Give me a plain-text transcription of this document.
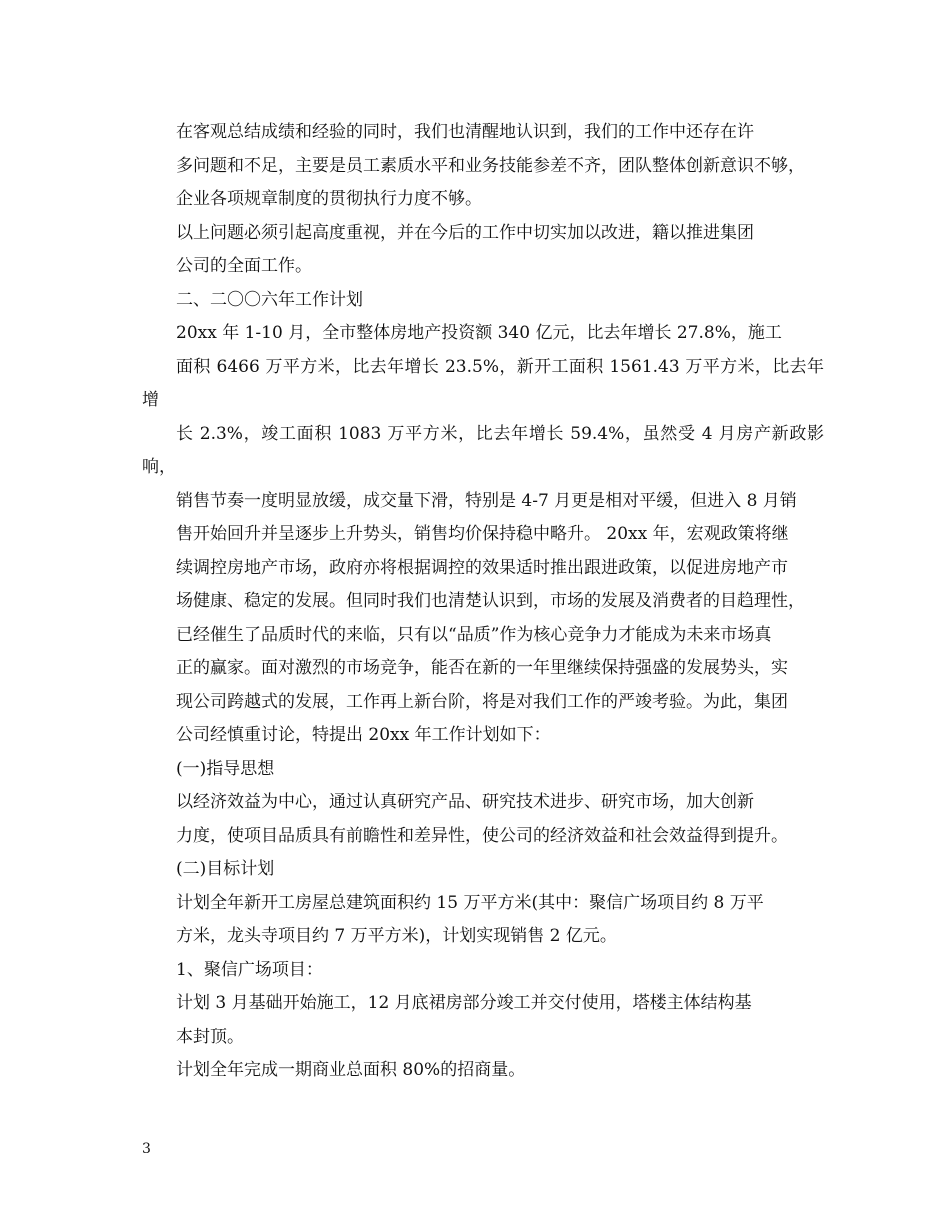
在客观总结成绩和经验的同时，我们也清醒地认识到，我们的工作中还存在许
多问题和不足，主要是员工素质水平和业务技能参差不齐，团队整体创新意识不够，
企业各项规章制度的贯彻执行力度不够。

以上问题必须引起高度重视，并在今后的工作中切实加以改进，籍以推进集团
公司的全面工作。

二、二〇〇六年工作计划

20xx 年 1-10 月，全市整体房地产投资额 340 亿元，比去年增长 27.8%，施工
面积 6466 万平方米，比去年增长 23.5%，新开工面积 1561.43 万平方米，比去年增
长 2.3%，竣工面积 1083 万平方米，比去年增长 59.4%，虽然受 4 月房产新政影响，
销售节奏一度明显放缓，成交量下滑，特别是 4-7 月更是相对平缓，但进入 8 月销
售开始回升并呈逐步上升势头，销售均价保持稳中略升。 20xx 年，宏观政策将继
续调控房地产市场，政府亦将根据调控的效果适时推出跟进政策，以促进房地产市
场健康、稳定的发展。但同时我们也清楚认识到，市场的发展及消费者的目趋理性，
已经催生了品质时代的来临，只有以“品质”作为核心竞争力才能成为未来市场真
正的赢家。面对激烈的市场竞争，能否在新的一年里继续保持强盛的发展势头，实
现公司跨越式的发展，工作再上新台阶，将是对我们工作的严竣考验。为此，集团
公司经慎重讨论，特提出 20xx 年工作计划如下：

(一)指导思想

以经济效益为中心，通过认真研究产品、研究技术进步、研究市场，加大创新
力度，使项目品质具有前瞻性和差异性，使公司的经济效益和社会效益得到提升。

(二)目标计划

计划全年新开工房屋总建筑面积约 15 万平方米(其中：聚信广场项目约 8 万平
方米，龙头寺项目约 7 万平方米)，计划实现销售 2 亿元。

1、聚信广场项目：

计划 3 月基础开始施工，12 月底裙房部分竣工并交付使用，塔楼主体结构基
本封顶。

计划全年完成一期商业总面积 80%的招商量。

3
